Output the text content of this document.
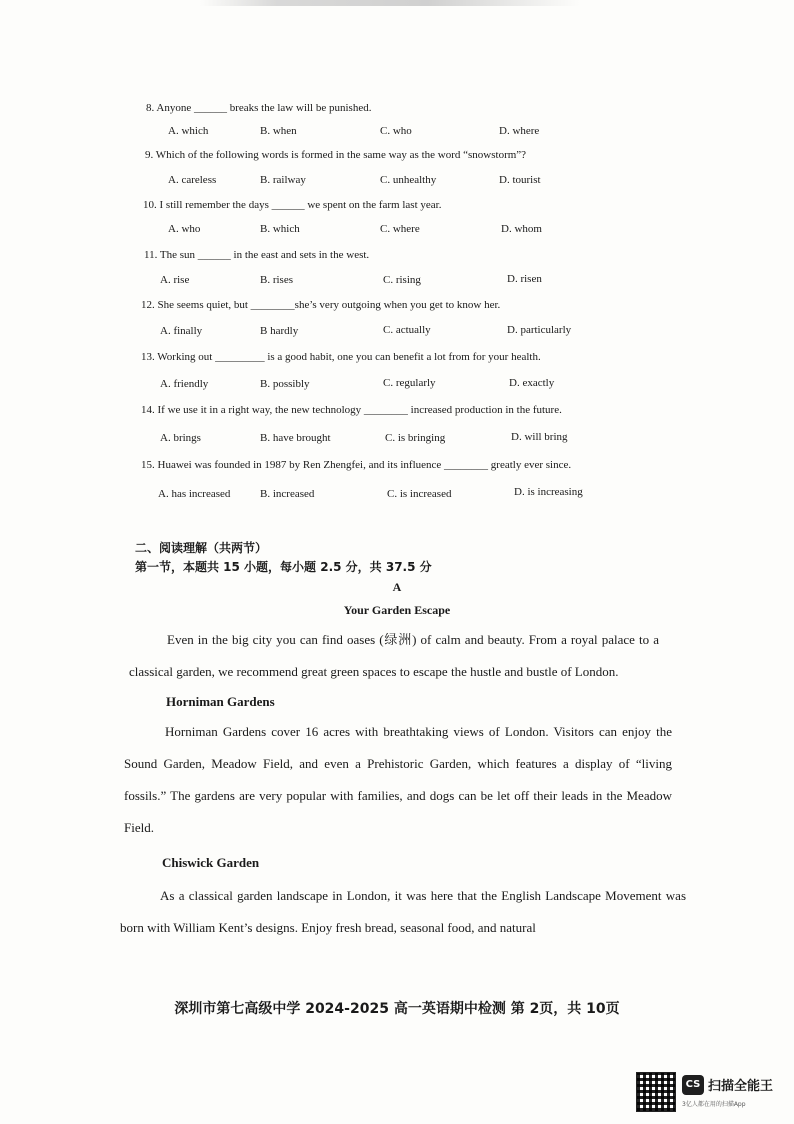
8. Anyone ______ breaks the law will be punished.
A. which	B. when	C. who	D. where
9. Which of the following words is formed in the same way as the word “snowstorm”?
A. careless	B. railway	C. unhealthy	D. tourist
10. I still remember the days ______ we spent on the farm last year.
A. who	B. which	C. where	D. whom
11. The sun ______ in the east and sets in the west.
A. rise	B. rises	C. rising	D. risen
12. She seems quiet, but ________she’s very outgoing when you get to know her.
A. finally	B hardly	C. actually	D. particularly
13. Working out _________ is a good habit, one you can benefit a lot from for your health.
A. friendly	B. possibly	C. regularly	D. exactly
14. If we use it in a right way, the new technology ________ increased production in the future.
A. brings	B. have brought	C. is bringing	D. will bring
15. Huawei was founded in 1987 by Ren Zhengfei, and its influence ________ greatly ever since.
A. has increased	B. increased	C. is increased	D. is increasing
二、阅读理解（共两节）
第一节，本题共 15 小题，每小题 2.5 分，共 37.5 分
A
Your Garden Escape
Even in the big city you can find oases (绿洲) of calm and beauty. From a royal palace to a classical garden, we recommend great green spaces to escape the hustle and bustle of London.
Horniman Gardens
Horniman Gardens cover 16 acres with breathtaking views of London. Visitors can enjoy the Sound Garden, Meadow Field, and even a Prehistoric Garden, which features a display of “living fossils.” The gardens are very popular with families, and dogs can be let off their leads in the Meadow Field.
Chiswick Garden
As a classical garden landscape in London, it was here that the English Landscape Movement was born with William Kent’s designs. Enjoy fresh bread, seasonal food, and natural
深圳市第七高级中学 2024-2025 高一英语期中检测 第 2页，共 10页
CS 扫描全能王
3亿人都在用的扫描App
